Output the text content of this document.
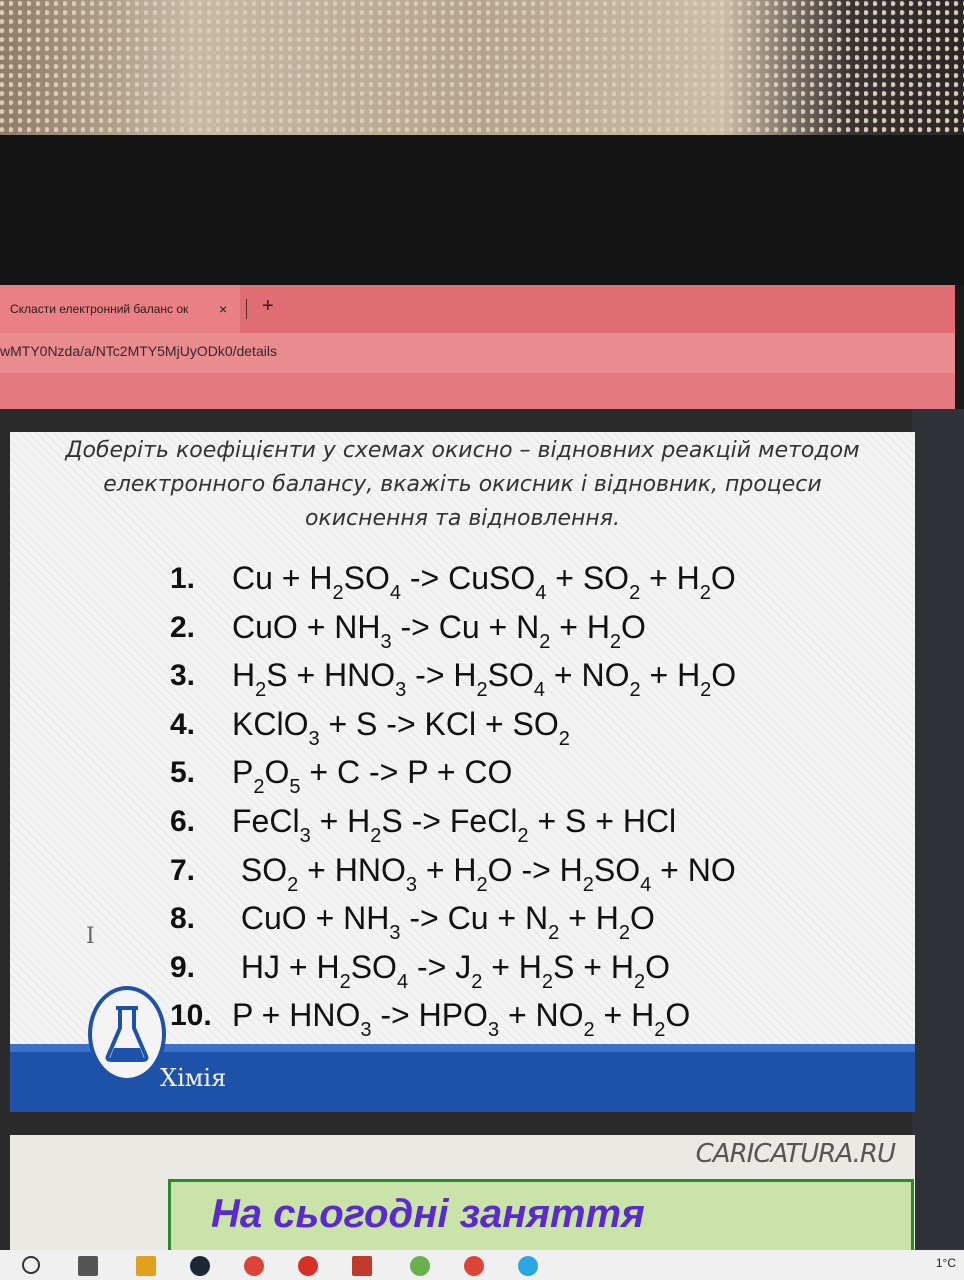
Скласти електронний баланс ок	× +
wMTY0Nzda/a/NTc2MTY5MjUyODk0/details
Доберіть коефіцієнти у схемах окисно – відновних реакцій методом електронного балансу, вкажіть окисник і відновник, процеси окиснення та відновлення.
1.	$Cu + H_2SO_4$ -> CuSO$_4$ + $SO_2 + H_2O$
2.	CuO + $NH_3 -> Cu + N_2 + H_2O$
3.	$H_2S + HNO_3 -> H_2SO_4 + NO_2 + H_2O$
4.	KClO$_3$ + S -> KCl + $SO_2$
5.	$P_2O_5 + C -> P$ + CO
6.	FeCl$_3$ + $H_2S$ -> FeCl$_2$ + S + HCl
7.	$SO_2 + HNO_3 + H_2O -> H_2SO_4$ + NO
8.	CuO + $NH_3 -> Cu + N_2 + H_2O$
9.	HJ + $H_2SO_4 -> J_2 + H_2S + H_2O$
10. $P + HNO_3 -> HPO_3 + NO_2 + H_2O$
Хімія
I
CARICATURA.RU
На сьогодні заняття
1°C
